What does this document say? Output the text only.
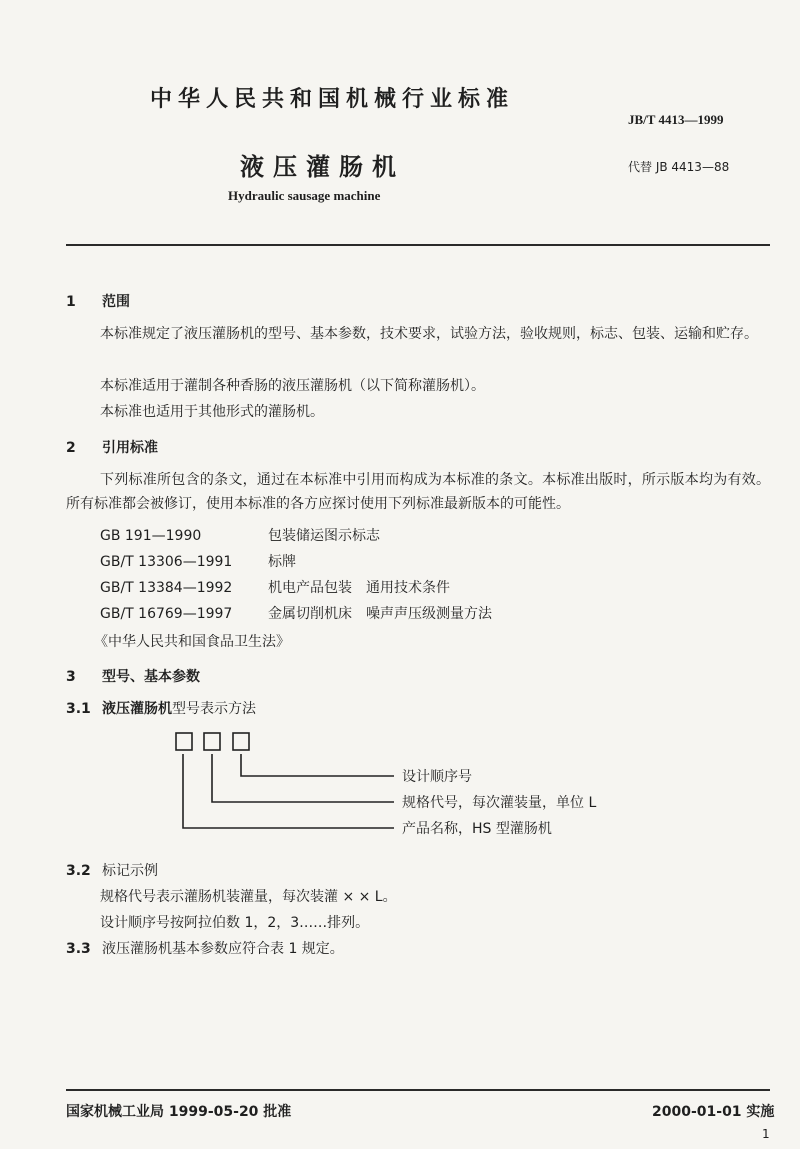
中华人民共和国机械行业标准
JB/T 4413—1999
液压灌肠机	代替 JB 4413—88
Hydraulic sausage machine
1 范围
本标准规定了液压灌肠机的型号、基本参数，技术要求，试验方法，验收规则，标志、包装、运输和贮存。
本标准适用于灌制各种香肠的液压灌肠机（以下简称灌肠机）。
本标准也适用于其他形式的灌肠机。
2 引用标准
下列标准所包含的条文，通过在本标准中引用而构成为本标准的条文。本标准出版时，所示版本均为有效。所有标准都会被修订，使用本标准的各方应探讨使用下列标准最新版本的可能性。
GB 191—1990	包装储运图示标志
GB/T 13306—1991	标牌
GB/T 13384—1992	机电产品包装　通用技术条件
GB/T 16769—1997	金属切削机床　噪声声压级测量方法
《中华人民共和国食品卫生法》
3 型号、基本参数
3.1 液压灌肠机型号表示方法
设计顺序号
规格代号，每次灌装量，单位 L
产品名称，HS 型灌肠机
3.2 标记示例
规格代号表示灌肠机装灌量，每次装灌 × × L。
设计顺序号按阿拉伯数 1，2，3……排列。
3.3 液压灌肠机基本参数应符合表 1 规定。
国家机械工业局 1999-05-20 批准	2000-01-01 实施
1
